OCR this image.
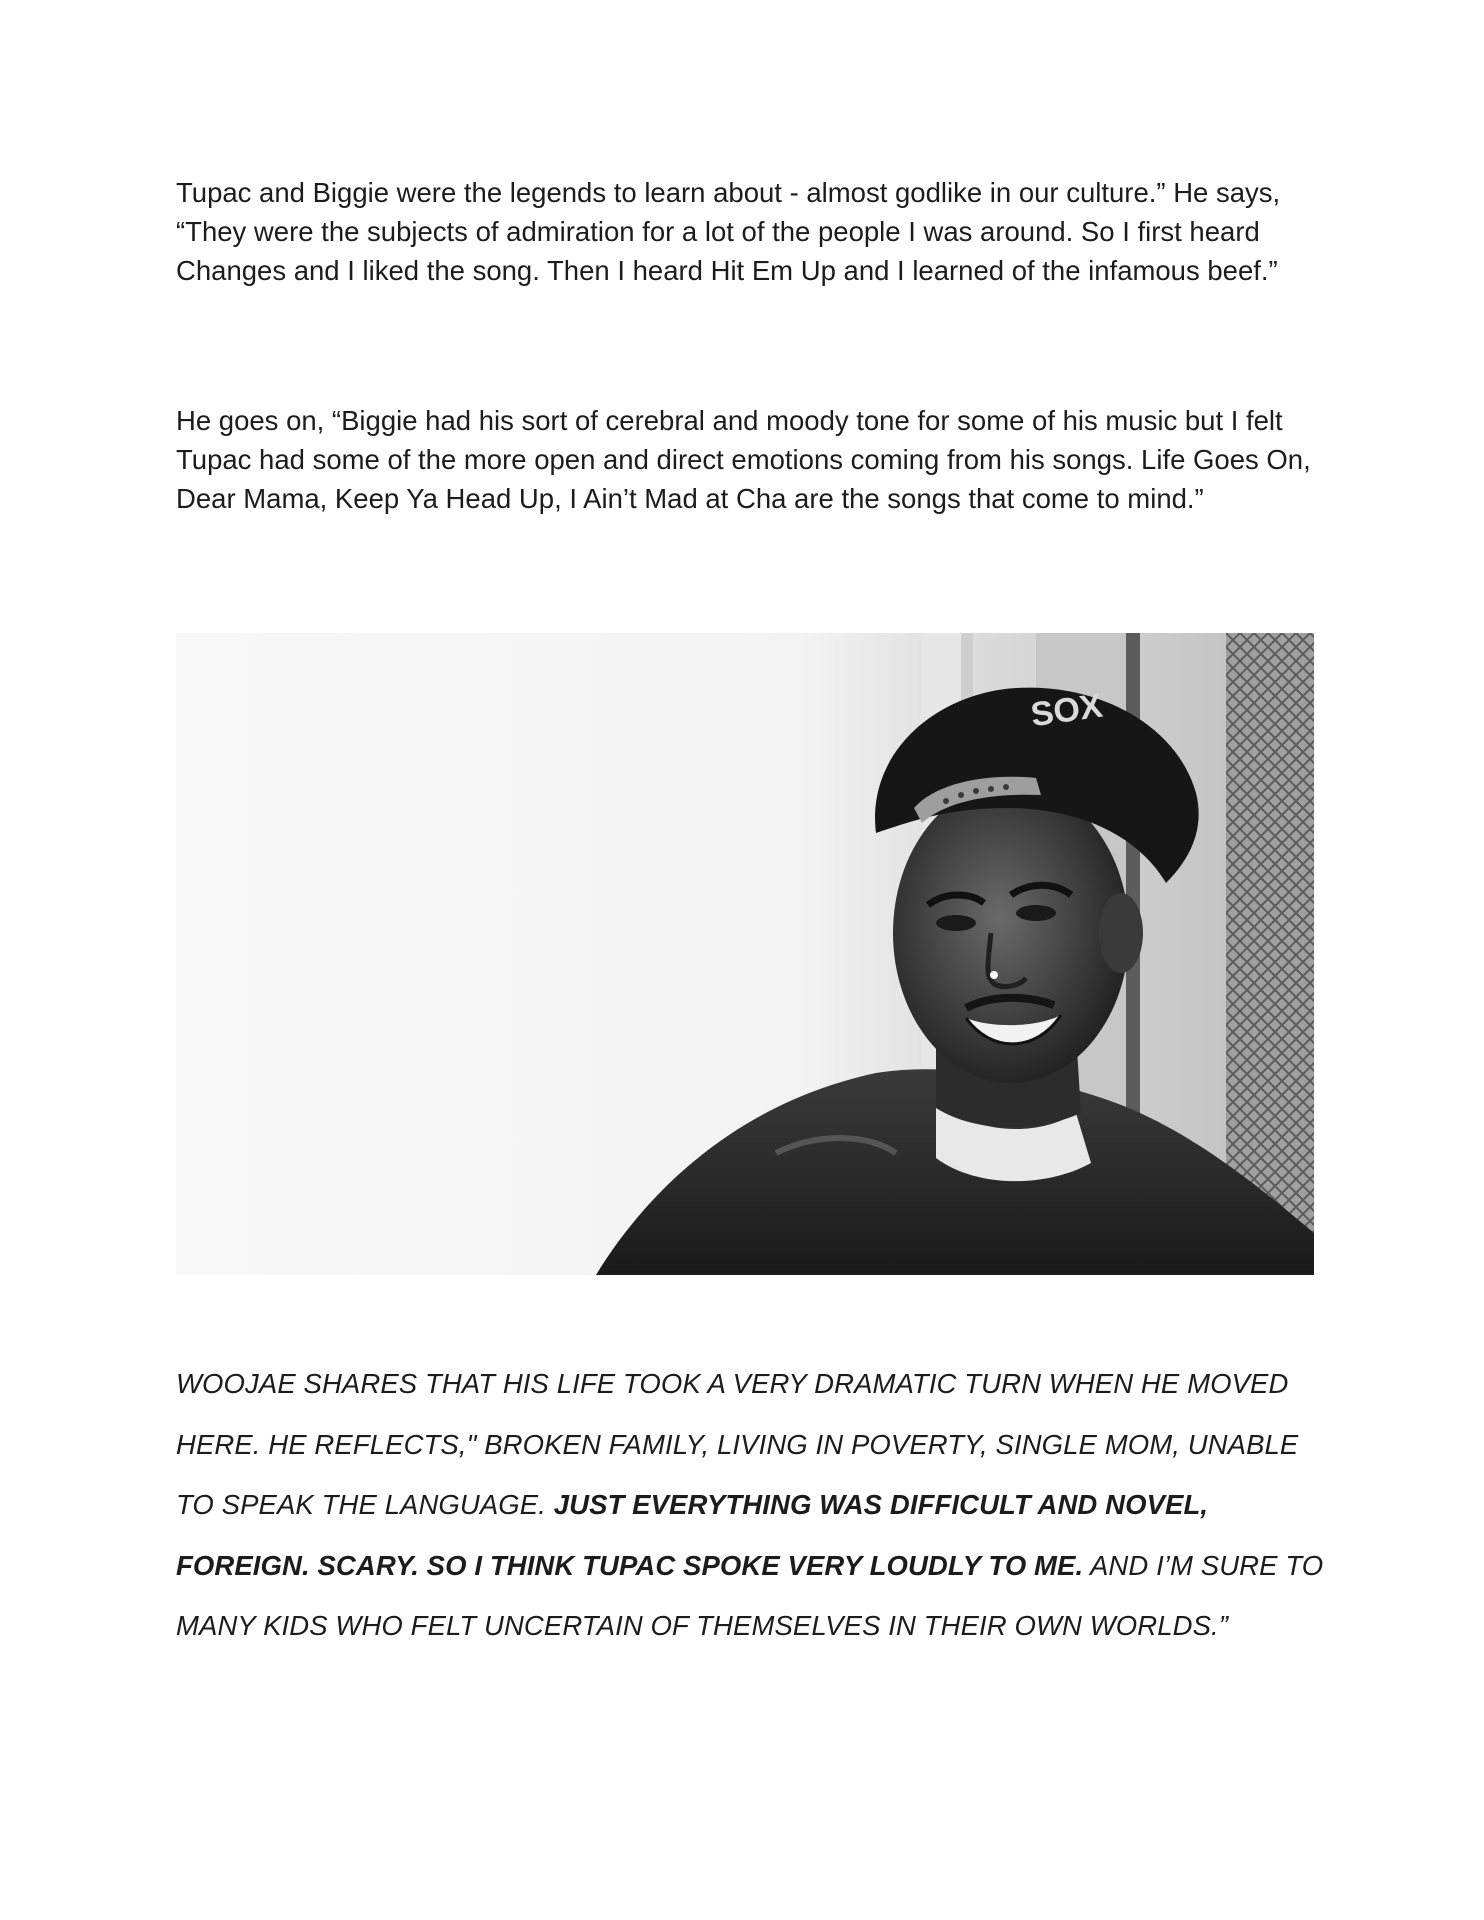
Tupac and Biggie were the legends to learn about - almost godlike in our culture.” He says, “They were the subjects of admiration for a lot of the people I was around. So I first heard Changes and I liked the song. Then I heard Hit Em Up and I learned of the infamous beef.”

He goes on, “Biggie had his sort of cerebral and moody tone for some of his music but I felt Tupac had some of the more open and direct emotions coming from his songs. Life Goes On, Dear Mama, Keep Ya Head Up, I Ain’t Mad at Cha are the songs that come to mind.”

SOX

WOOJAE SHARES THAT HIS LIFE TOOK A VERY DRAMATIC TURN WHEN HE MOVED HERE. HE REFLECTS," BROKEN FAMILY, LIVING IN POVERTY, SINGLE MOM, UNABLE TO SPEAK THE LANGUAGE. JUST EVERYTHING WAS DIFFICULT AND NOVEL, FOREIGN. SCARY. SO I THINK TUPAC SPOKE VERY LOUDLY TO ME. AND I’M SURE TO MANY KIDS WHO FELT UNCERTAIN OF THEMSELVES IN THEIR OWN WORLDS.”
